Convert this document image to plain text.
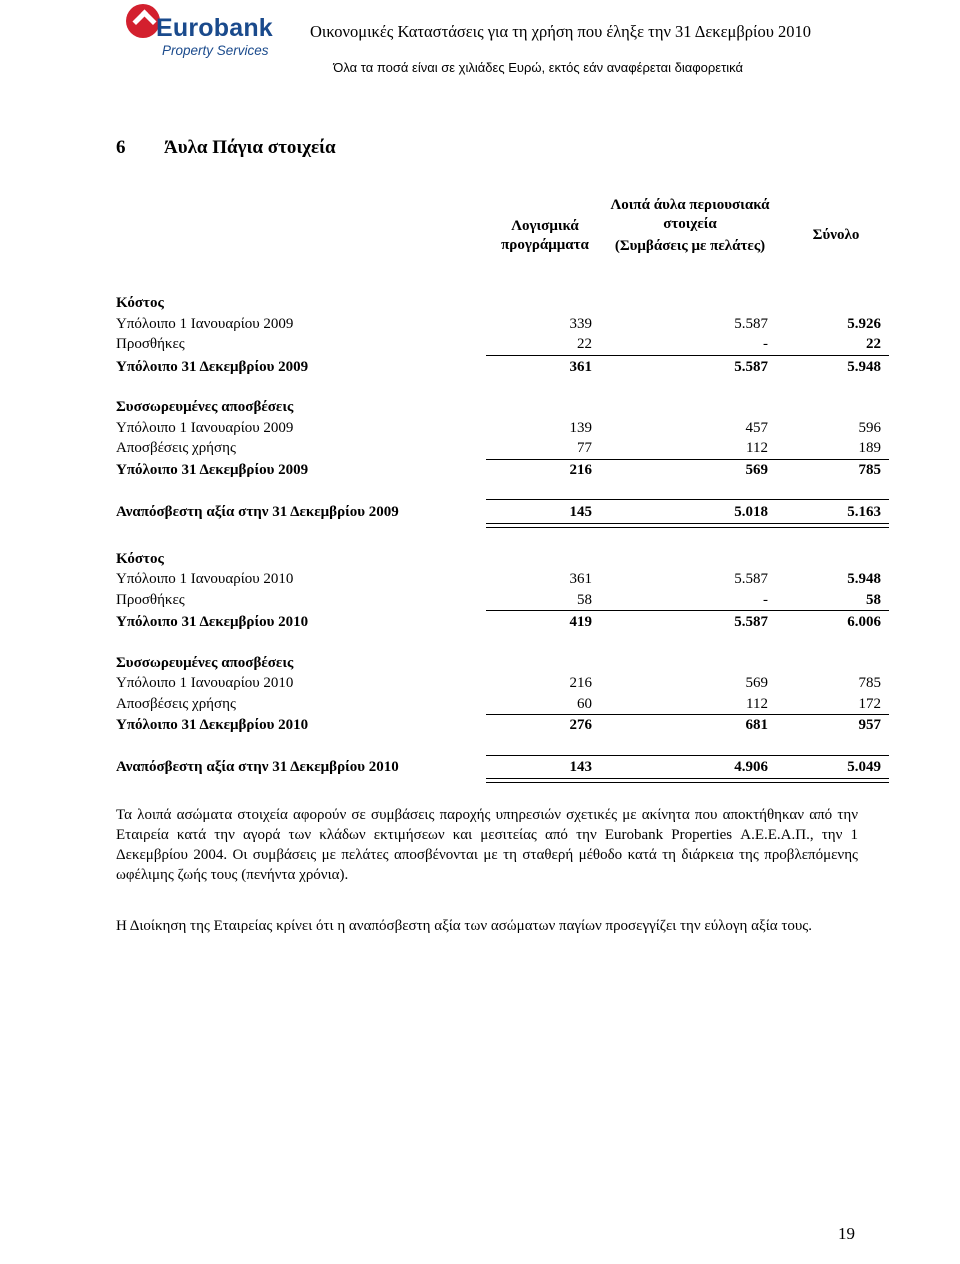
Eurobank
Property Services
Οικονομικές Καταστάσεις για τη χρήση που έληξε την 31 Δεκεμβρίου 2010
Όλα τα ποσά είναι σε χιλιάδες Ευρώ, εκτός εάν αναφέρεται διαφορετικά
6 Άυλα Πάγια στοιχεία
Λογισμικά προγράμματα
Λοιπά άυλα περιουσιακά στοιχεία
(Συμβάσεις με πελάτες)
Σύνολο
Κόστος
Υπόλοιπο 1 Ιανουαρίου 2009	339	5.587	5.926
Προσθήκες	22	-	22
Υπόλοιπο 31 Δεκεμβρίου 2009	361	5.587	5.948
Συσσωρευμένες αποσβέσεις
Υπόλοιπο 1 Ιανουαρίου 2009	139	457	596
Αποσβέσεις χρήσης	77	112	189
Υπόλοιπο 31 Δεκεμβρίου 2009	216	569	785
Αναπόσβεστη αξία στην 31 Δεκεμβρίου 2009	145	5.018	5.163
Κόστος
Υπόλοιπο 1 Ιανουαρίου 2010	361	5.587	5.948
Προσθήκες	58	-	58
Υπόλοιπο 31 Δεκεμβρίου 2010	419	5.587	6.006
Συσσωρευμένες αποσβέσεις
Υπόλοιπο 1 Ιανουαρίου 2010	216	569	785
Αποσβέσεις χρήσης	60	112	172
Υπόλοιπο 31 Δεκεμβρίου 2010	276	681	957
Αναπόσβεστη αξία στην 31 Δεκεμβρίου 2010	143	4.906	5.049
Τα λοιπά ασώματα στοιχεία αφορούν σε συμβάσεις παροχής υπηρεσιών σχετικές με ακίνητα που αποκτήθηκαν από την Εταιρεία κατά την αγορά των κλάδων εκτιμήσεων και μεσιτείας από την Eurobank Properties Α.Ε.Ε.Α.Π., την 1 Δεκεμβρίου 2004. Οι συμβάσεις με πελάτες αποσβένονται με τη σταθερή μέθοδο κατά τη διάρκεια της προβλεπόμενης ωφέλιμης ζωής τους (πενήντα χρόνια).
Η Διοίκηση της Εταιρείας κρίνει ότι η αναπόσβεστη αξία των ασώματων παγίων προσεγγίζει την εύλογη αξία τους.
19
